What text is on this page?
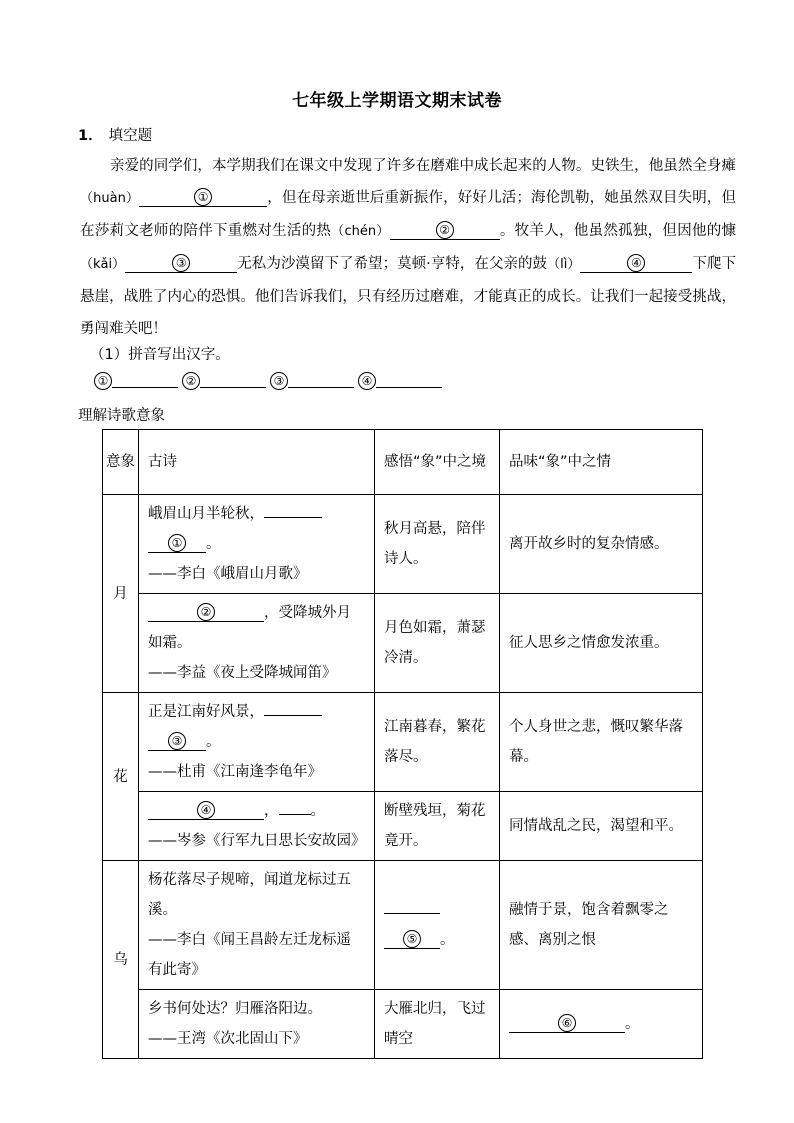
七年级上学期语文期末试卷
1． 填空题
亲爱的同学们，本学期我们在课文中发现了许多在磨难中成长起来的人物。史铁生，他虽然全身瘫（huàn）	①	，但在母亲逝世后重新振作，好好儿活；海伦凯勒，她虽然双目失明，但在莎莉文老师的陪伴下重燃对生活的热（chén）	②	。牧羊人，他虽然孤独，但因他的慷（kǎi）	③	无私为沙漠留下了希望；莫顿·亨特，在父亲的鼓（lì）	④	下爬下悬崖，战胜了内心的恐惧。他们告诉我们，只有经历过磨难，才能真正的成长。让我们一起接受挑战，勇闯难关吧！
（1）拼音写出汉字。
①	②	③	④
理解诗歌意象
意象	古诗	感悟“象”中之境	品味“象”中之情
月	峨眉山月半轮秋，
① 。
——李白《峨眉山月歌》	秋月高悬，陪伴诗人。	离开故乡时的复杂情感。
	② ，受降城外月如霜。
——李益《夜上受降城闻笛》	月色如霜，萧瑟冷清。	征人思乡之情愈发浓重。
花	正是江南好风景，
③ 。
——杜甫《江南逢李龟年》	江南暮春，繁花落尽。	个人身世之悲，慨叹繁华落幕。
	④ ， 。
——岑参《行军九日思长安故园》	断壁残垣，菊花竟开。	同情战乱之民，渴望和平。
乌	杨花落尽子规啼，闻道龙标过五溪。
——李白《闻王昌龄左迁龙标遥有此寄》	⑤ 。	融情于景，饱含着飘零之感、离别之恨
	乡书何处达？归雁洛阳边。
——王湾《次北固山下》	大雁北归，飞过晴空	⑥ 。
